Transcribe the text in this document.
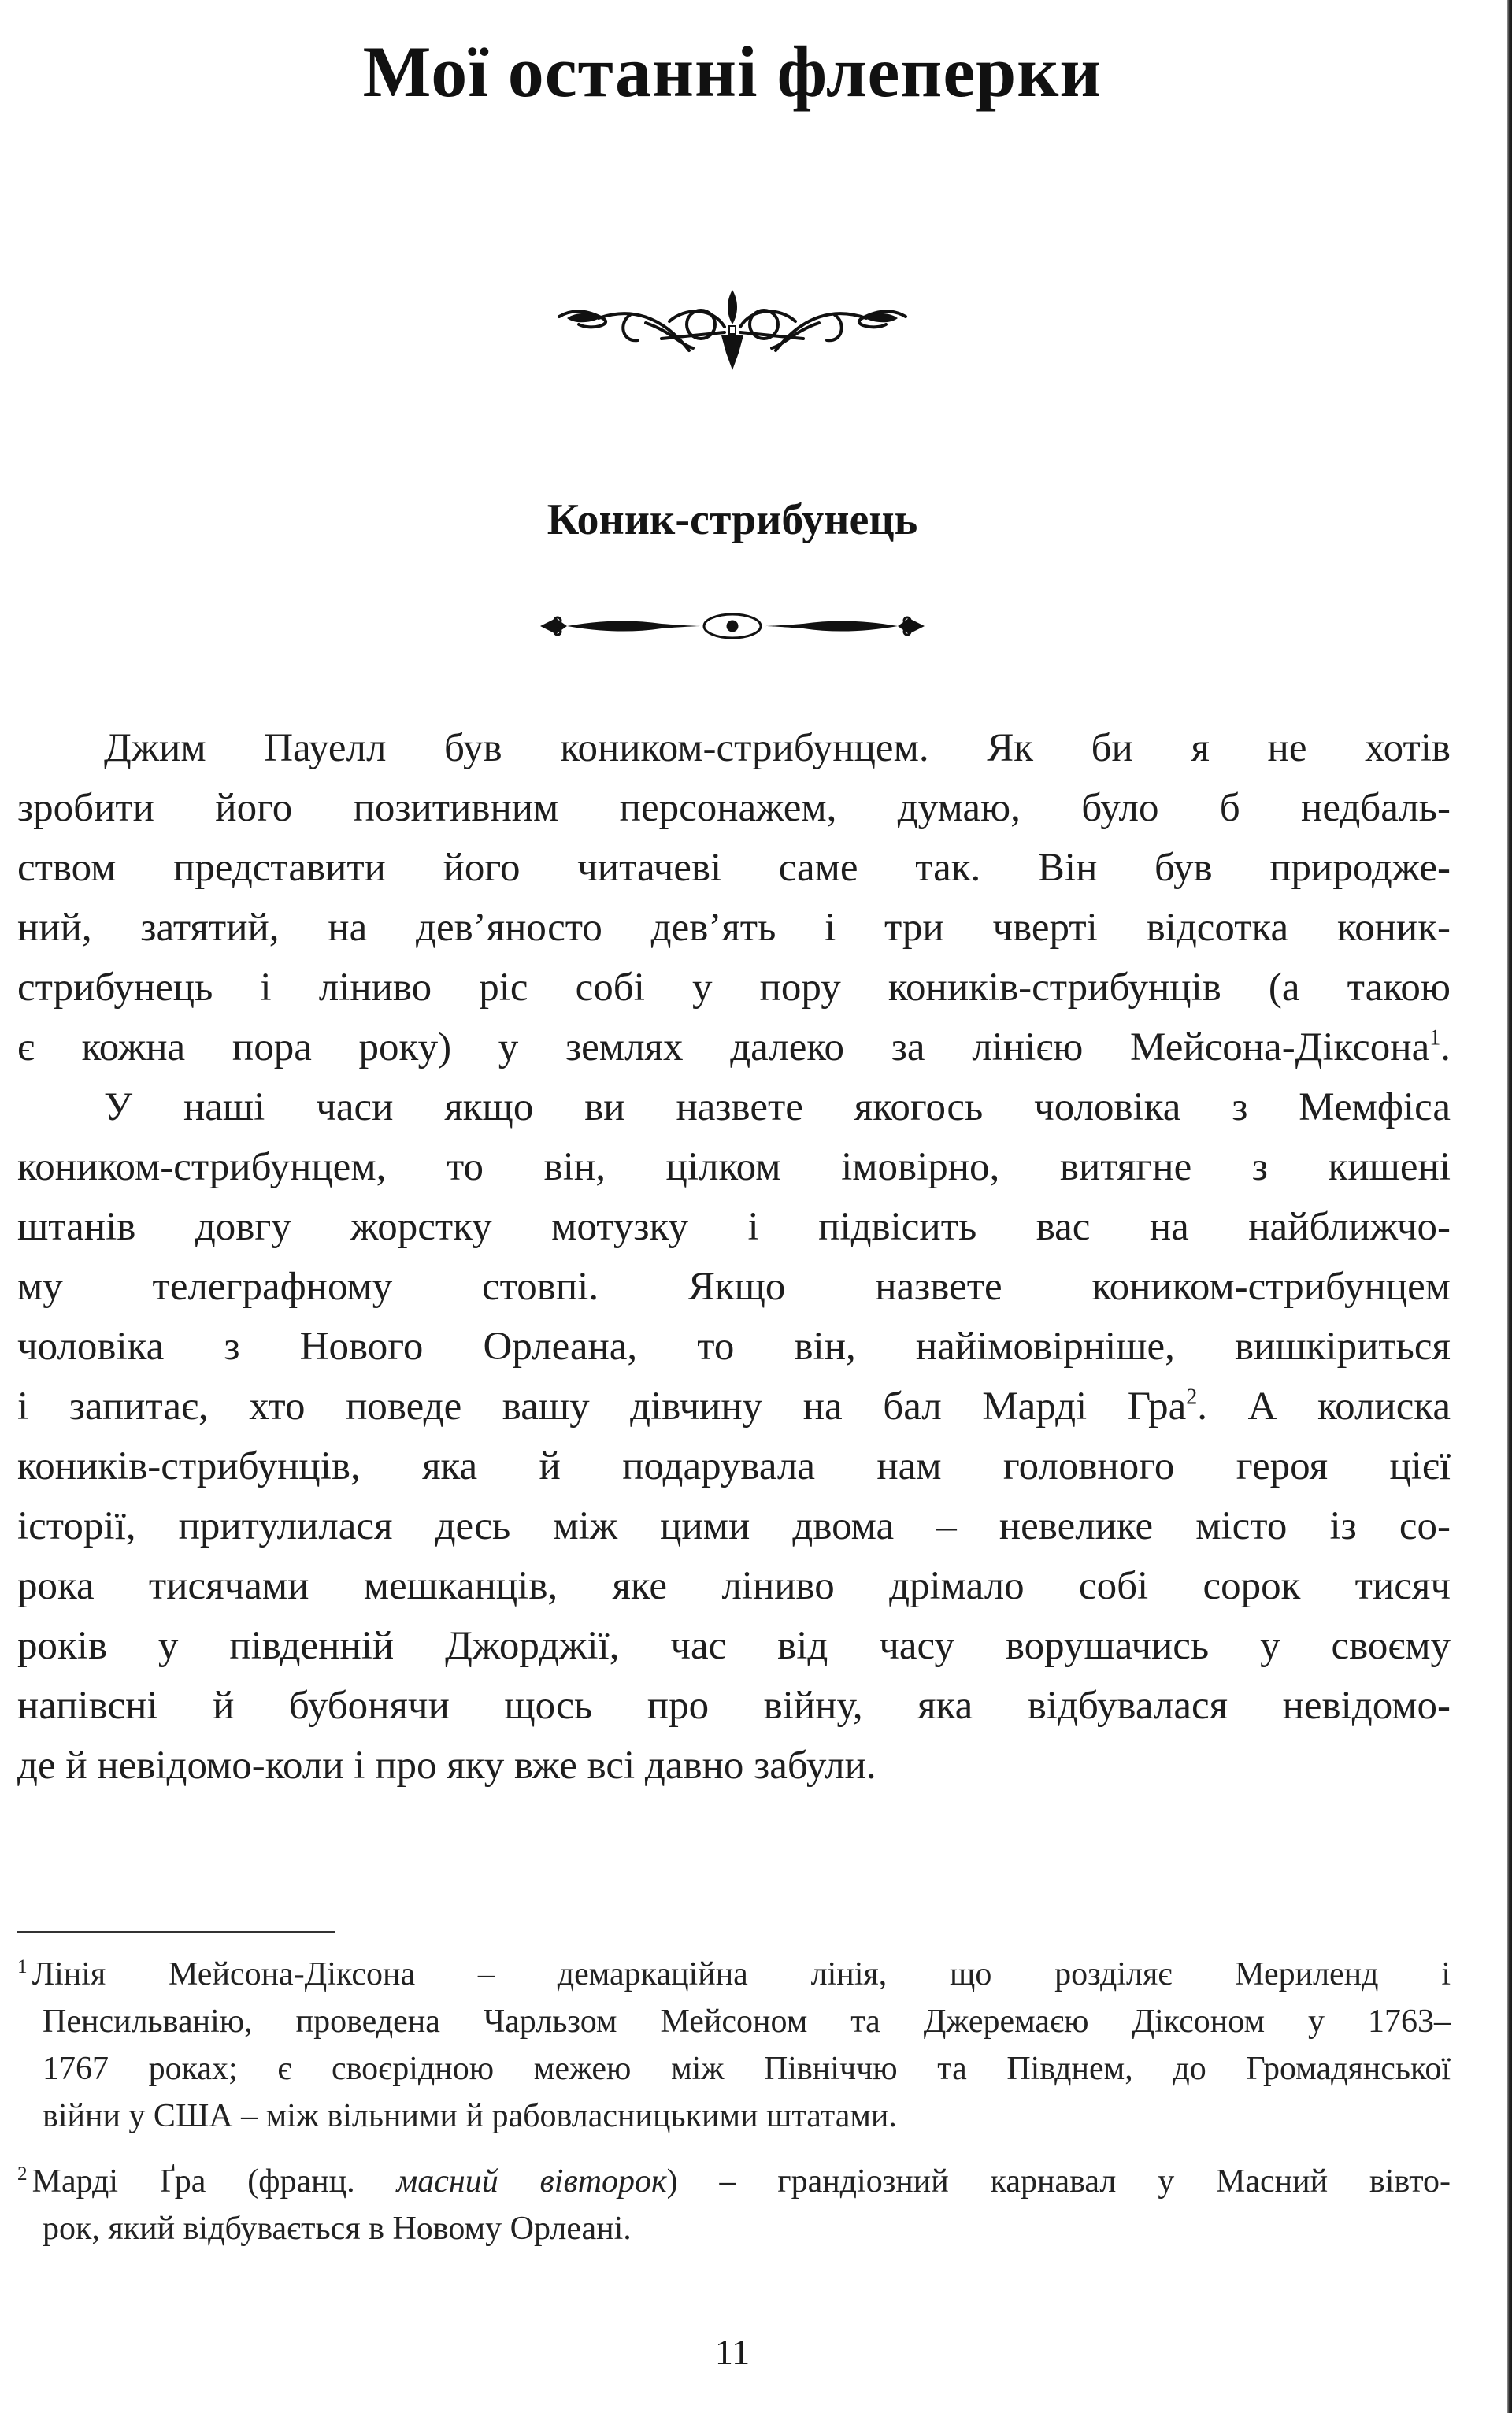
Мої останні флеперки
Коник-стрибунець
Джим Пауелл був коником-стрибунцем. Як би я не хотів
зробити його позитивним персонажем, думаю, було б недбаль-
ством представити його читачеві саме так. Він був природже-
ний, затятий, на дев’яносто дев’ять і три чверті відсотка коник-
стрибунець і ліниво ріс собі у пору коників-стрибунців (а такою
є кожна пора року) у землях далеко за лінією Мейсона-Діксона$^1$.
У наші часи якщо ви назвете якогось чоловіка з Мемфіса
коником-стрибунцем, то він, цілком імовірно, витягне з кишені
штанів довгу жорстку мотузку і підвісить вас на найближчо-
му телеграфному стовпі. Якщо назвете коником-стрибунцем
чоловіка з Нового Орлеана, то він, найімовірніше, вишкіриться
і запитає, хто поведе вашу дівчину на бал Марді Гра$^2$. А колиска
коників-стрибунців, яка й подарувала нам головного героя цієї
історії, притулилася десь між цими двома – невелике місто із со-
рока тисячами мешканців, яке ліниво дрімало собі сорок тисяч
років у південній Джорджії, час від часу ворушачись у своєму
напівсні й бубонячи щось про війну, яка відбувалася невідомо-
де й невідомо-коли і про яку вже всі давно забули.
$^1$ Лінія Мейсона-Діксона – демаркаційна лінія, що розділяє Мериленд і
Пенсильванію, проведена Чарльзом Мейсоном та Джеремаєю Діксоном у 1763–
1767 роках; є своєрідною межею між Північчю та Півднем, до Громадянської
війни у США – між вільними й рабовласницькими штатами.
$^2$ Марді Ґра (франц. масний вівторок) – грандіозний карнавал у Масний вівто-
рок, який відбувається в Новому Орлеані.
11
